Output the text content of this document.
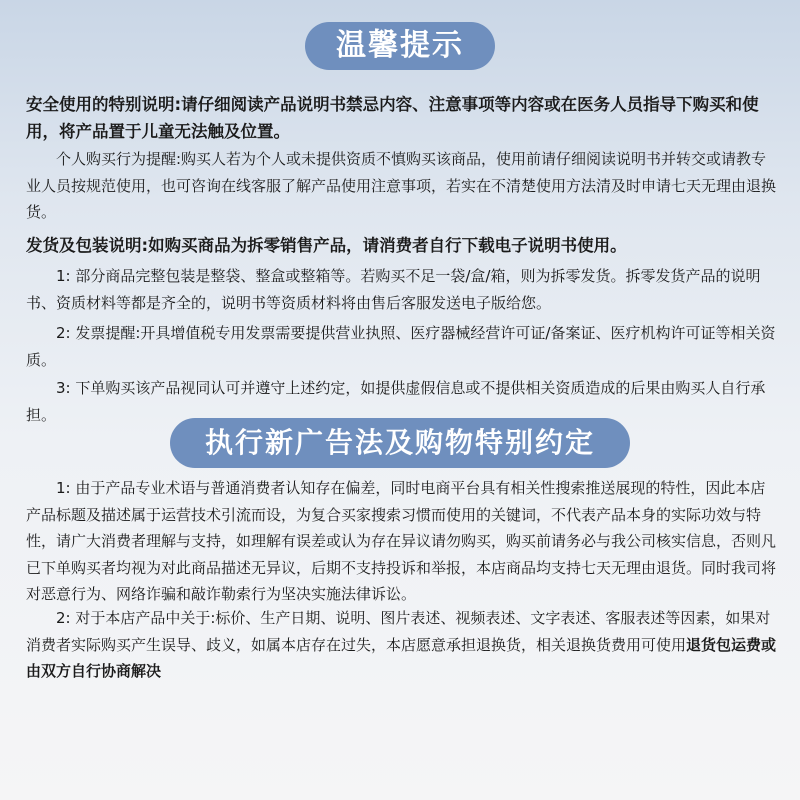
温馨提示

安全使用的特别说明:请仔细阅读产品说明书禁忌内容、注意事项等内容或在医务人员指导下购买和使用，将产品置于儿童无法触及位置。

个人购买行为提醒:购买人若为个人或未提供资质不慎购买该商品，使用前请仔细阅读说明书并转交或请教专业人员按规范使用，也可咨询在线客服了解产品使用注意事项，若实在不清楚使用方法清及时申请七天无理由退换货。

发货及包装说明:如购买商品为拆零销售产品，请消费者自行下载电子说明书使用。

1: 部分商品完整包装是整袋、整盒或整箱等。若购买不足一袋/盒/箱，则为拆零发货。拆零发货产品的说明书、资质材料等都是齐全的，说明书等资质材料将由售后客服发送电子版给您。

2: 发票提醒:开具增值税专用发票需要提供营业执照、医疗器械经营许可证/备案证、医疗机构许可证等相关资质。

3: 下单购买该产品视同认可并遵守上述约定，如提供虚假信息或不提供相关资质造成的后果由购买人自行承担。

执行新广告法及购物特别约定

1: 由于产品专业术语与普通消费者认知存在偏差，同时电商平台具有相关性搜索推送展现的特性，因此本店产品标题及描述属于运营技术引流而设，为复合买家搜索习惯而使用的关键词，不代表产品本身的实际功效与特性，请广大消费者理解与支持，如理解有误差或认为存在异议请勿购买，购买前请务必与我公司核实信息，否则凡已下单购买者均视为对此商品描述无异议，后期不支持投诉和举报，本店商品均支持七天无理由退货。同时我司将对恶意行为、网络诈骗和敲诈勒索行为坚决实施法律诉讼。

2: 对于本店产品中关于:标价、生产日期、说明、图片表述、视频表述、文字表述、客服表述等因素，如果对消费者实际购买产生误导、歧义，如属本店存在过失，本店愿意承担退换货，相关退换货费用可使用退货包运费或由双方自行协商解决
